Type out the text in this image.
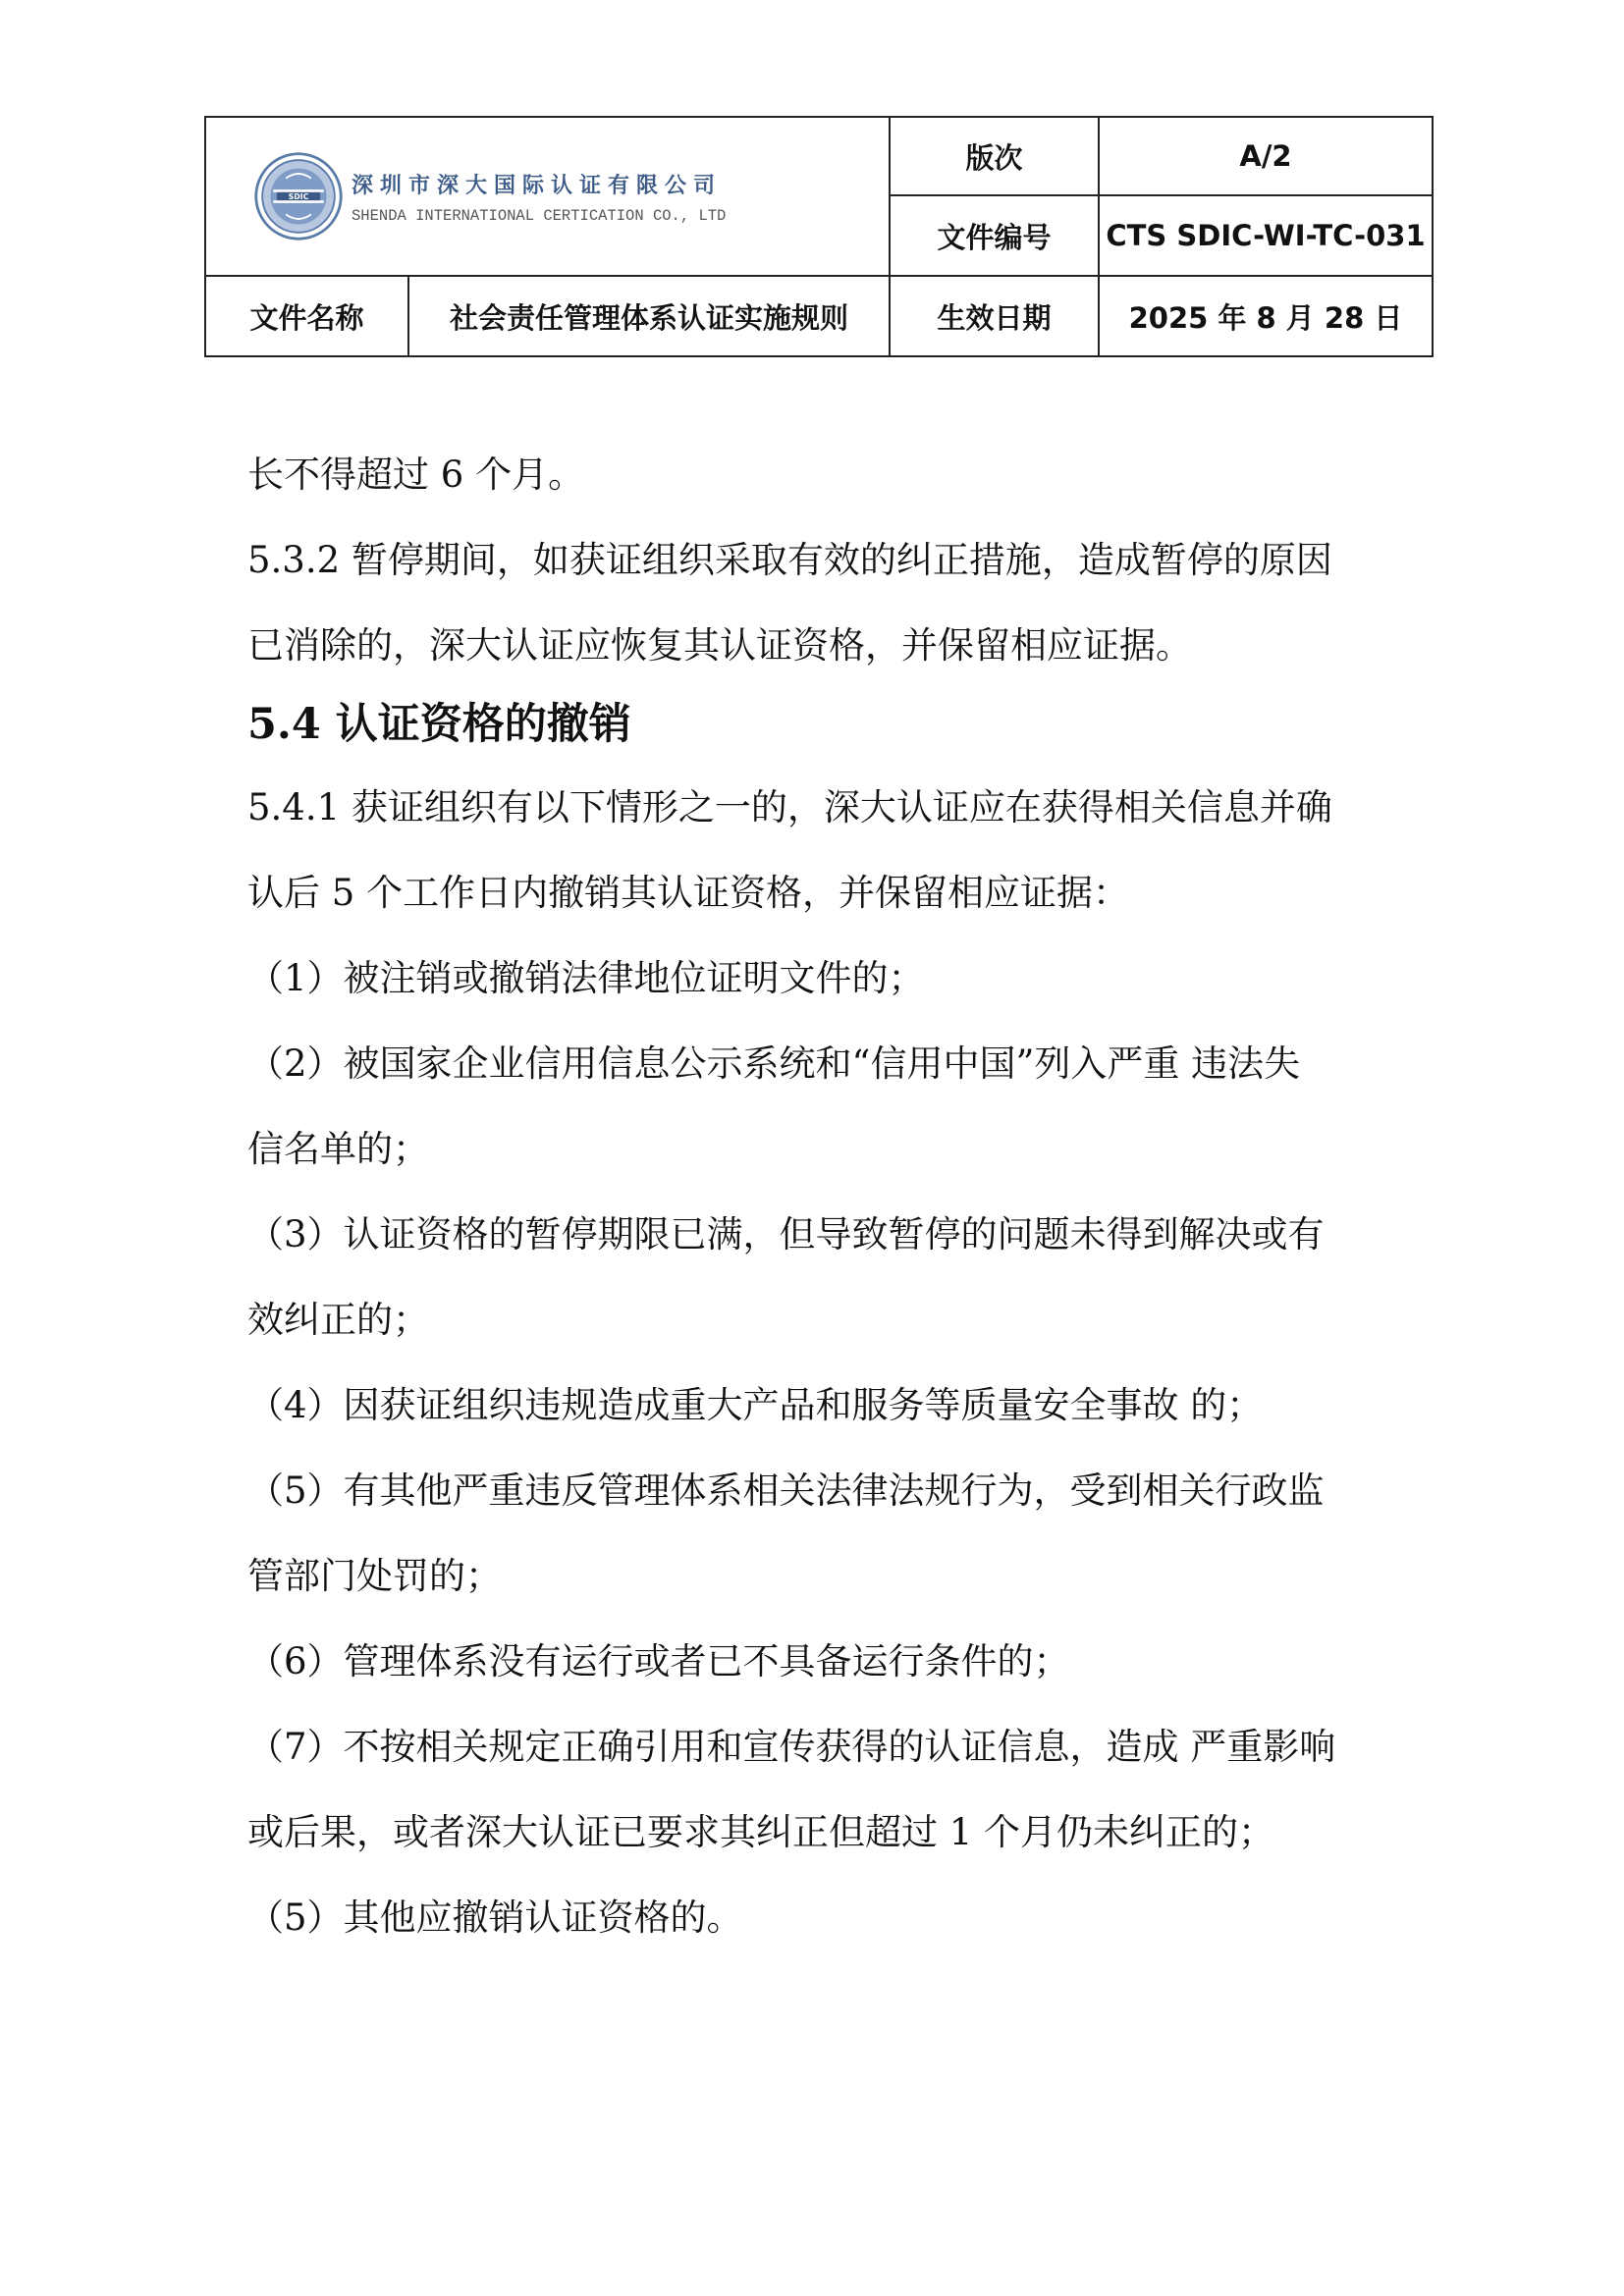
SDIC 深圳市深大国际认证有限公司
SHENDA INTERNATIONAL CERTICATION CO., LTD		版次	A/2
		文件编号	CTS SDIC-WI-TC-031
文件名称	社会责任管理体系认证实施规则	生效日期	2025 年 8 月 28 日

长不得超过 6 个月。

5.3.2 暂停期间，如获证组织采取有效的纠正措施，造成暂停的原因

已消除的，深大认证应恢复其认证资格，并保留相应证据。

5.4 认证资格的撤销

5.4.1 获证组织有以下情形之一的，深大认证应在获得相关信息并确

认后 5 个工作日内撤销其认证资格，并保留相应证据：

（1）被注销或撤销法律地位证明文件的；

（2）被国家企业信用信息公示系统和“信用中国”列入严重 违法失

信名单的；

（3）认证资格的暂停期限已满，但导致暂停的问题未得到解决或有

效纠正的；

（4）因获证组织违规造成重大产品和服务等质量安全事故 的；

（5）有其他严重违反管理体系相关法律法规行为，受到相关行政监

管部门处罚的；

（6）管理体系没有运行或者已不具备运行条件的；

（7）不按相关规定正确引用和宣传获得的认证信息，造成 严重影响

或后果，或者深大认证已要求其纠正但超过 1 个月仍未纠正的；

（5）其他应撤销认证资格的。
